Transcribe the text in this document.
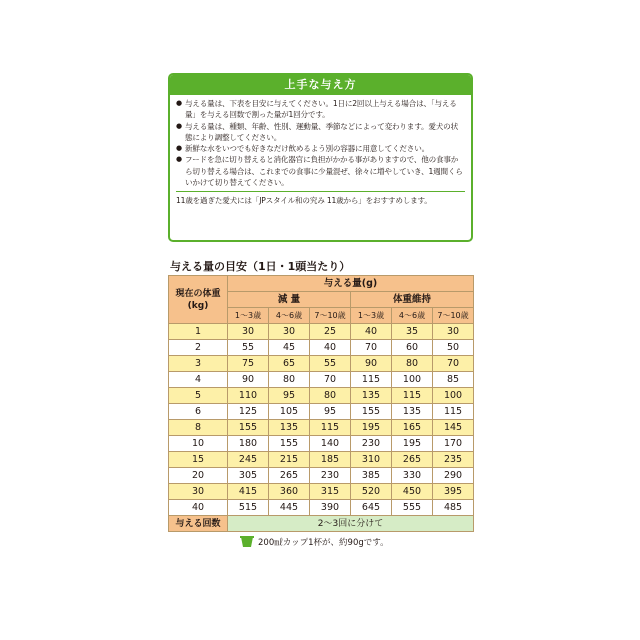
上手な与え方
● 与える量は、下表を目安に与えてください。1日に2回以上与える場合は、「与える量」を与える回数で割った量が1回分です。
● 与える量は、種類、年齢、性別、運動量、季節などによって変わります。愛犬の状態により調整してください。
● 新鮮な水をいつでも好きなだけ飲めるよう別の容器に用意してください。
● フードを急に切り替えると消化器官に負担がかかる事がありますので、他の食事から切り替える場合は、これまでの食事に少量混ぜ、徐々に増やしていき、1週間くらいかけて切り替えてください。
11歳を過ぎた愛犬には「JPスタイル和の究み 11歳から」をおすすめします。
与える量の目安（1日・1頭当たり）
現在の体重(kg)	与える量(g)					
	減 量			体重維持		
	1〜3歳	4〜6歳	7〜10歳	1〜3歳	4〜6歳	7〜10歳
1	30	30	25	40	35	30
2	55	45	40	70	60	50
3	75	65	55	90	80	70
4	90	80	70	115	100	85
5	110	95	80	135	115	100
6	125	105	95	155	135	115
8	155	135	115	195	165	145
10	180	155	140	230	195	170
15	245	215	185	310	265	235
20	305	265	230	385	330	290
30	415	360	315	520	450	395
40	515	445	390	645	555	485
与える回数	2〜3回に分けて					
200㎖カップ1杯が、約90gです。
